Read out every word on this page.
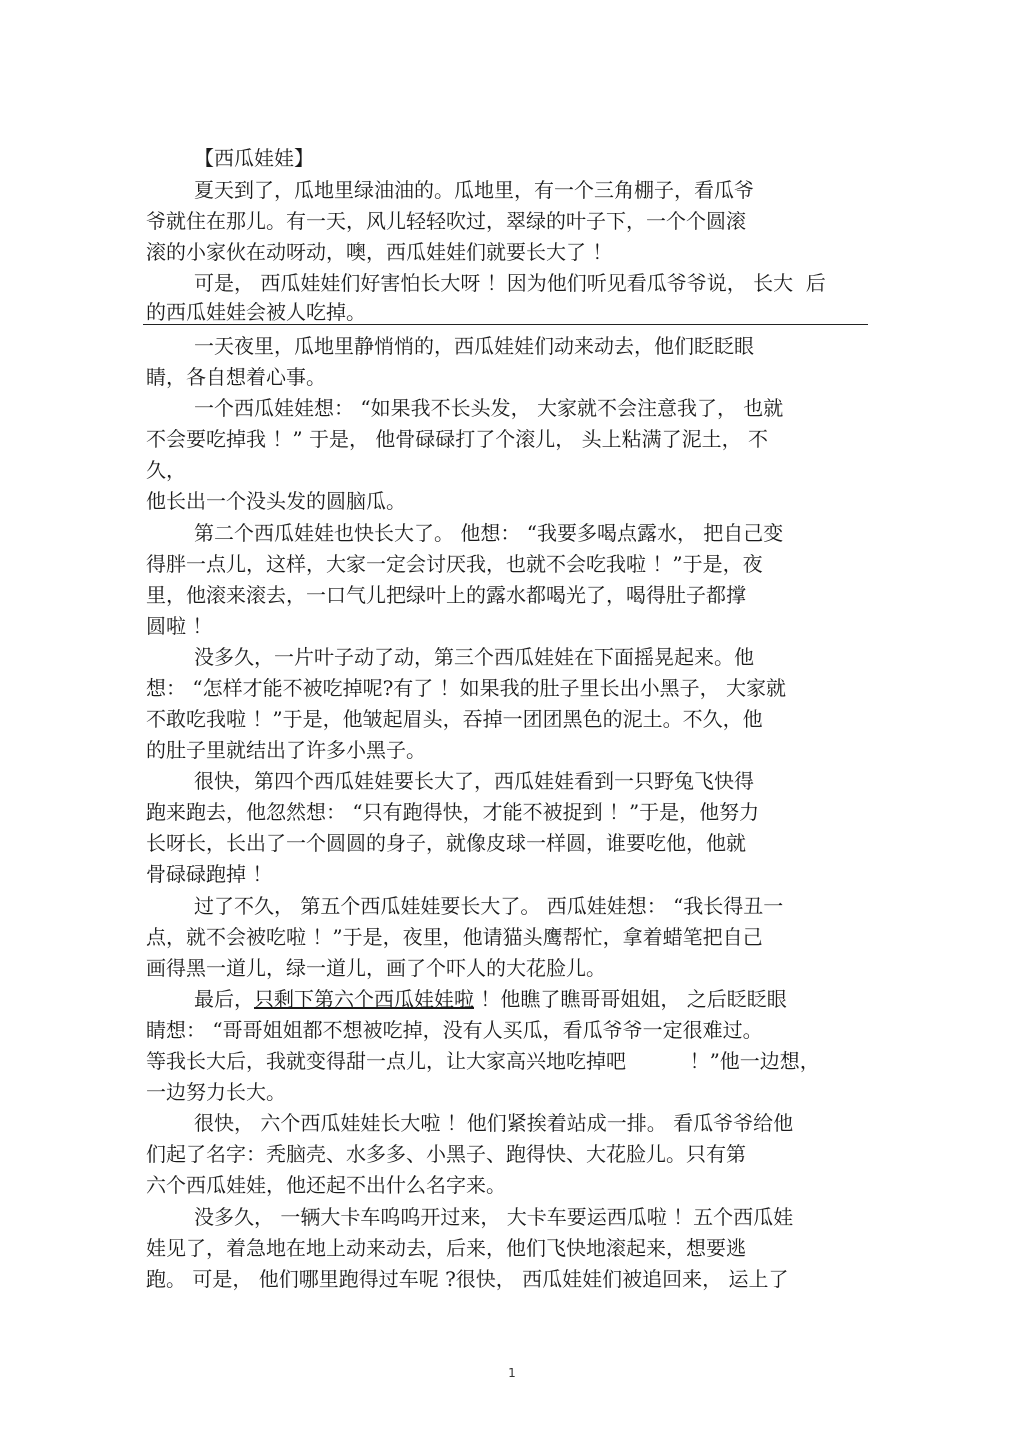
【西瓜娃娃】
夏天到了，瓜地里绿油油的。瓜地里，有一个三角棚子，看瓜爷
爷就住在那儿。有一天，风儿轻轻吹过，翠绿的叶子下，一个个圆滚
滚的小家伙在动呀动，噢，西瓜娃娃们就要长大了 ！
可是， 西瓜娃娃们好害怕长大呀 ！因为他们听见看瓜爷爷说， 长大  后
的西瓜娃娃会被人吃掉。
一天夜里，瓜地里静悄悄的，西瓜娃娃们动来动去，他们眨眨眼
睛，各自想着心事。
一个西瓜娃娃想： “如果我不长头发， 大家就不会注意我了， 也就
不会要吃掉我 ！” 于是， 他骨碌碌打了个滚儿， 头上粘满了泥土， 不
久，
他长出一个没头发的圆脑瓜。
第二个西瓜娃娃也快长大了。 他想： “我要多喝点露水， 把自己变
得胖一点儿，这样，大家一定会讨厌我，也就不会吃我啦 ！”于是，夜
里，他滚来滚去，一口气儿把绿叶上的露水都喝光了，喝得肚子都撑
圆啦 ！
没多久，一片叶子动了动，第三个西瓜娃娃在下面摇晃起来。他
想： “怎样才能不被吃掉呢?有了 ！如果我的肚子里长出小黑子， 大家就
不敢吃我啦 ！”于是，他皱起眉头，吞掉一团团黑色的泥土。不久，他
的肚子里就结出了许多小黑子。
很快，第四个西瓜娃娃要长大了，西瓜娃娃看到一只野兔飞快得
跑来跑去，他忽然想： “只有跑得快，才能不被捉到 ！”于是，他努力
长呀长，长出了一个圆圆的身子，就像皮球一样圆，谁要吃他，他就
骨碌碌跑掉 ！
过了不久， 第五个西瓜娃娃要长大了。 西瓜娃娃想： “我长得丑一
点，就不会被吃啦 ！”于是，夜里，他请猫头鹰帮忙，拿着蜡笔把自己
画得黑一道儿，绿一道儿，画了个吓人的大花脸儿。
最后，只剩下第六个西瓜娃娃啦 ！他瞧了瞧哥哥姐姐， 之后眨眨眼
睛想： “哥哥姐姐都不想被吃掉，没有人买瓜，看瓜爷爷一定很难过。
等我长大后，我就变得甜一点儿，让大家高兴地吃掉吧          ！”他一边想，
一边努力长大。
很快， 六个西瓜娃娃长大啦 ！他们紧挨着站成一排。 看瓜爷爷给他
们起了名字：秃脑壳、水多多、小黑子、跑得快、大花脸儿。只有第
六个西瓜娃娃，他还起不出什么名字来。
没多久， 一辆大卡车呜呜开过来， 大卡车要运西瓜啦 ！五个西瓜娃
娃见了，着急地在地上动来动去，后来，他们飞快地滚起来，想要逃
跑。 可是， 他们哪里跑得过车呢 ?很快， 西瓜娃娃们被追回来， 运上了
1
